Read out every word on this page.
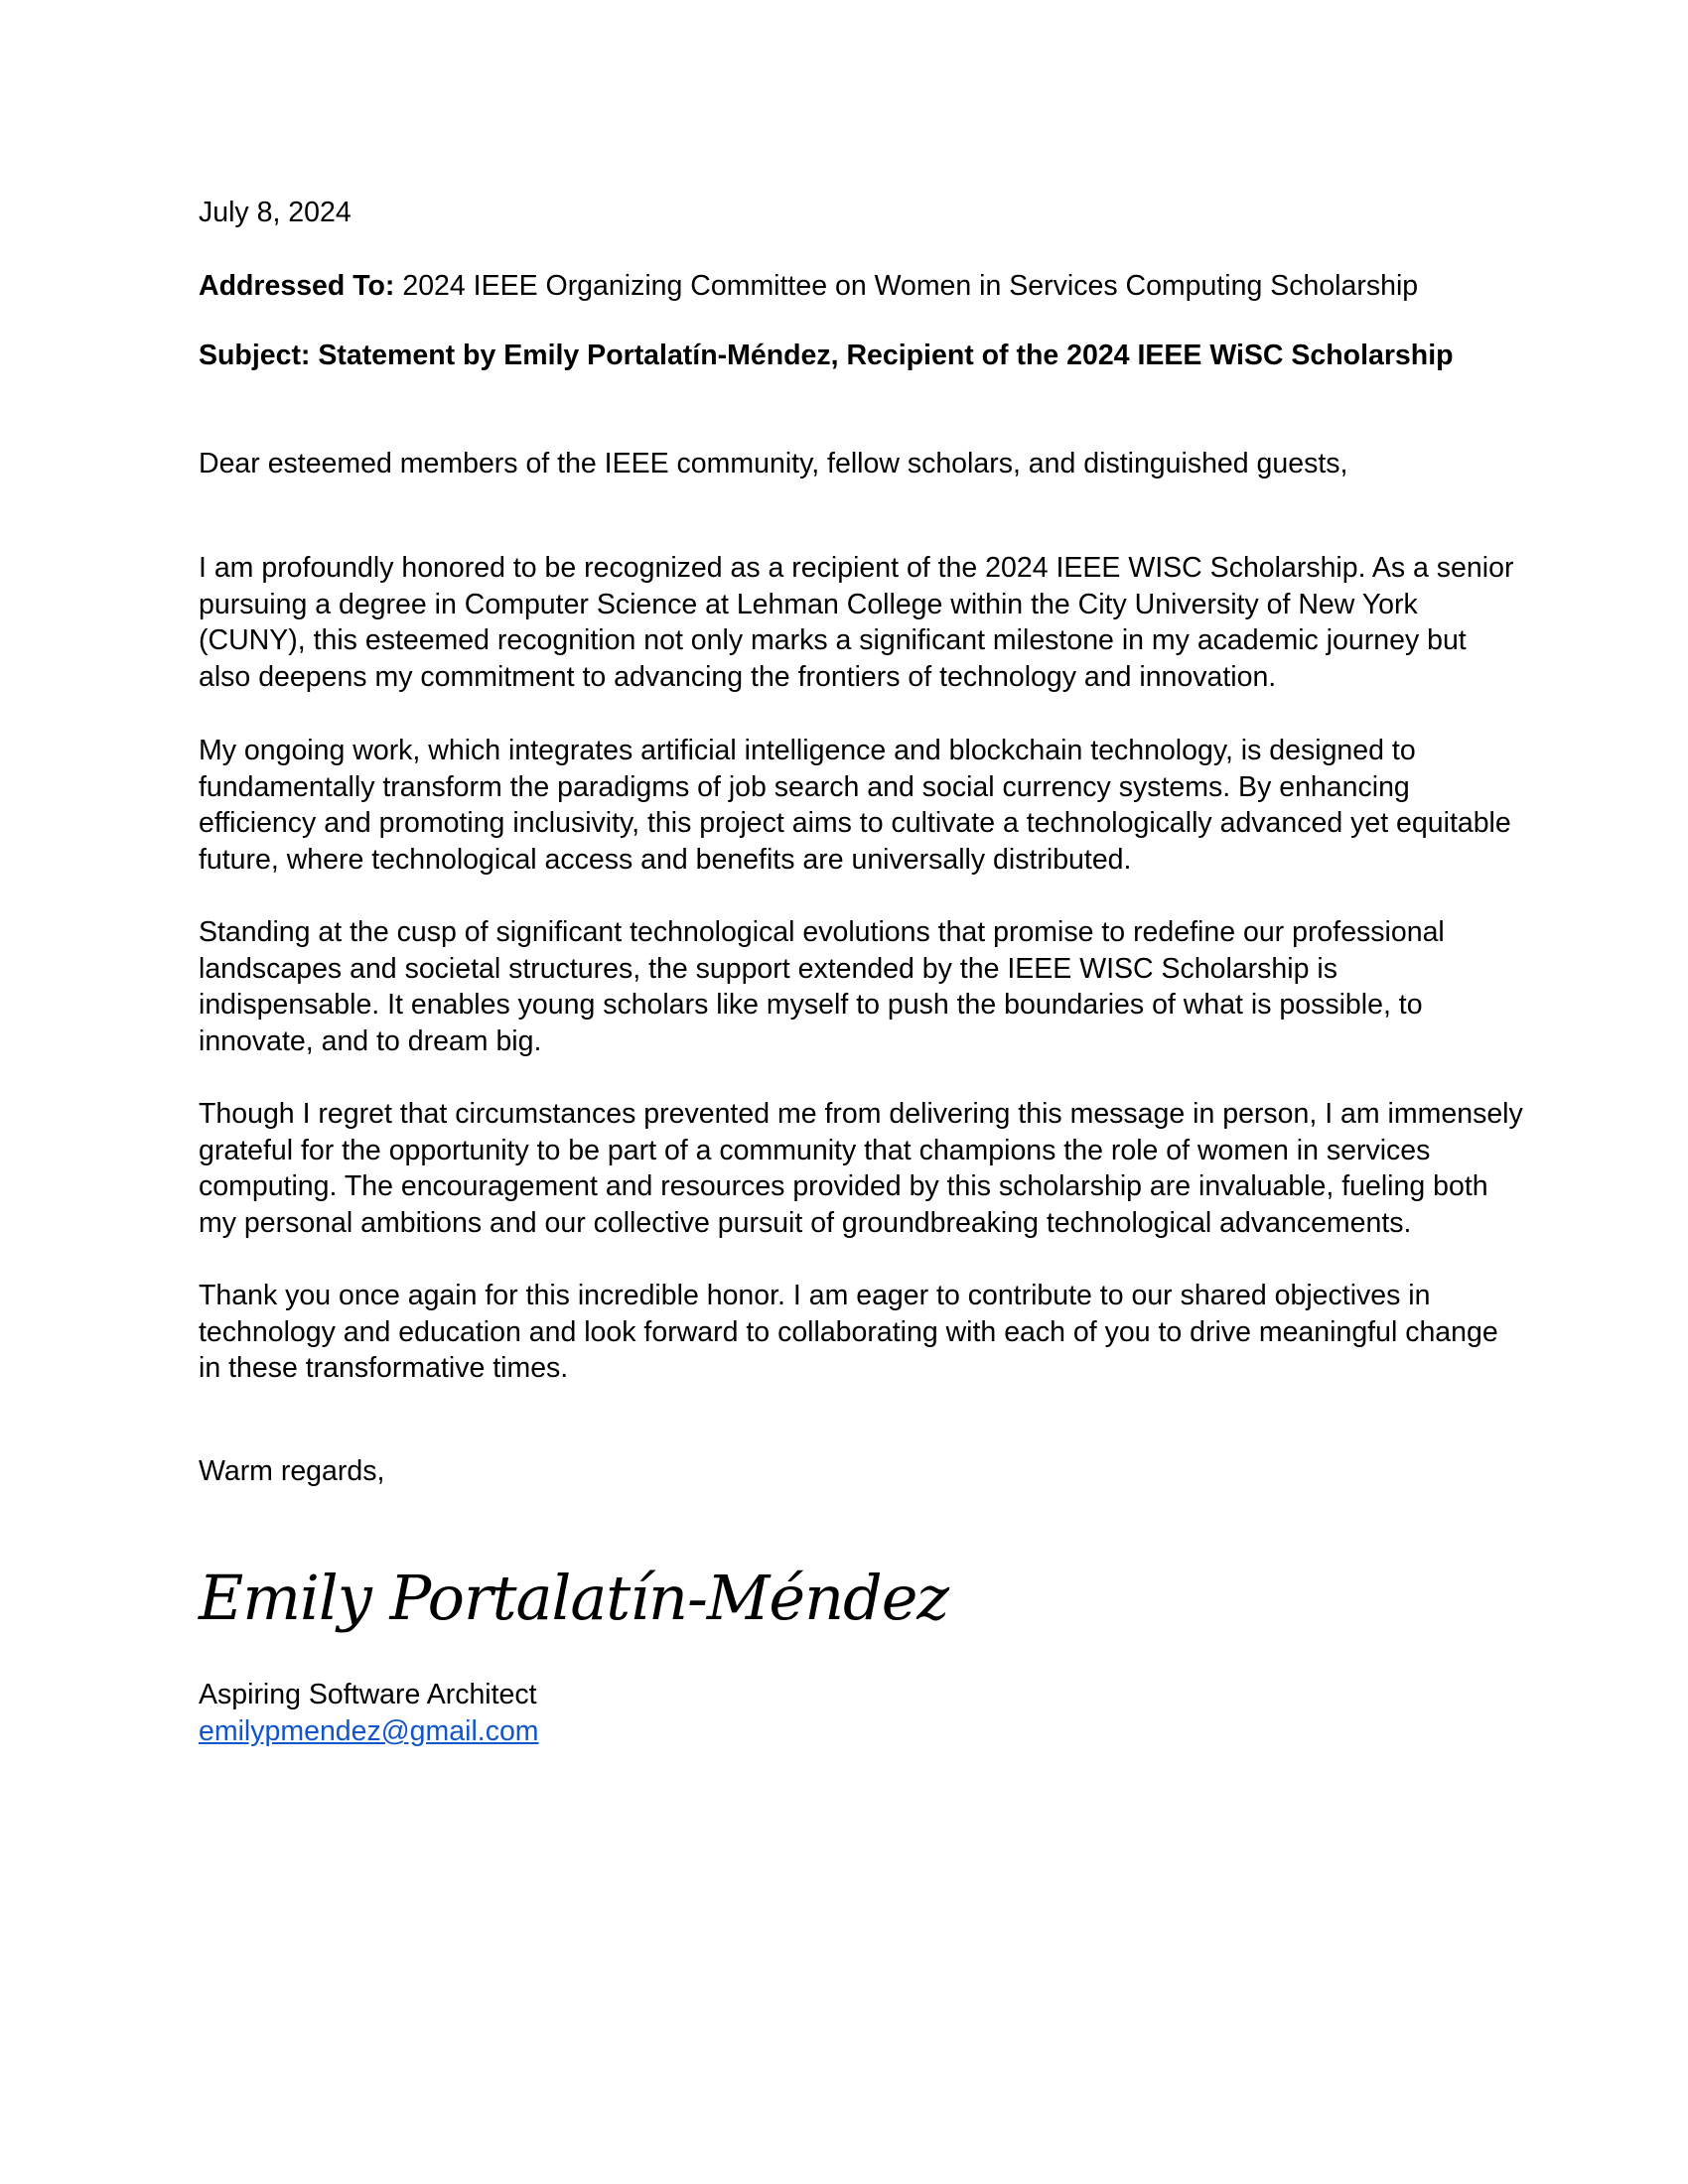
July 8, 2024
Addressed To: 2024 IEEE Organizing Committee on Women in Services Computing Scholarship
Subject: Statement by Emily Portalatín-Méndez, Recipient of the 2024 IEEE WiSC Scholarship
Dear esteemed members of the IEEE community, fellow scholars, and distinguished guests,
I am profoundly honored to be recognized as a recipient of the 2024 IEEE WISC Scholarship. As a senior
pursuing a degree in Computer Science at Lehman College within the City University of New York
(CUNY), this esteemed recognition not only marks a significant milestone in my academic journey but
also deepens my commitment to advancing the frontiers of technology and innovation.
My ongoing work, which integrates artificial intelligence and blockchain technology, is designed to
fundamentally transform the paradigms of job search and social currency systems. By enhancing
efficiency and promoting inclusivity, this project aims to cultivate a technologically advanced yet equitable
future, where technological access and benefits are universally distributed.
Standing at the cusp of significant technological evolutions that promise to redefine our professional
landscapes and societal structures, the support extended by the IEEE WISC Scholarship is
indispensable. It enables young scholars like myself to push the boundaries of what is possible, to
innovate, and to dream big.
Though I regret that circumstances prevented me from delivering this message in person, I am immensely
grateful for the opportunity to be part of a community that champions the role of women in services
computing. The encouragement and resources provided by this scholarship are invaluable, fueling both
my personal ambitions and our collective pursuit of groundbreaking technological advancements.
Thank you once again for this incredible honor. I am eager to contribute to our shared objectives in
technology and education and look forward to collaborating with each of you to drive meaningful change
in these transformative times.
Warm regards,
Emily Portalatín-Méndez
Aspiring Software Architect
emilypmendez@gmail.com
